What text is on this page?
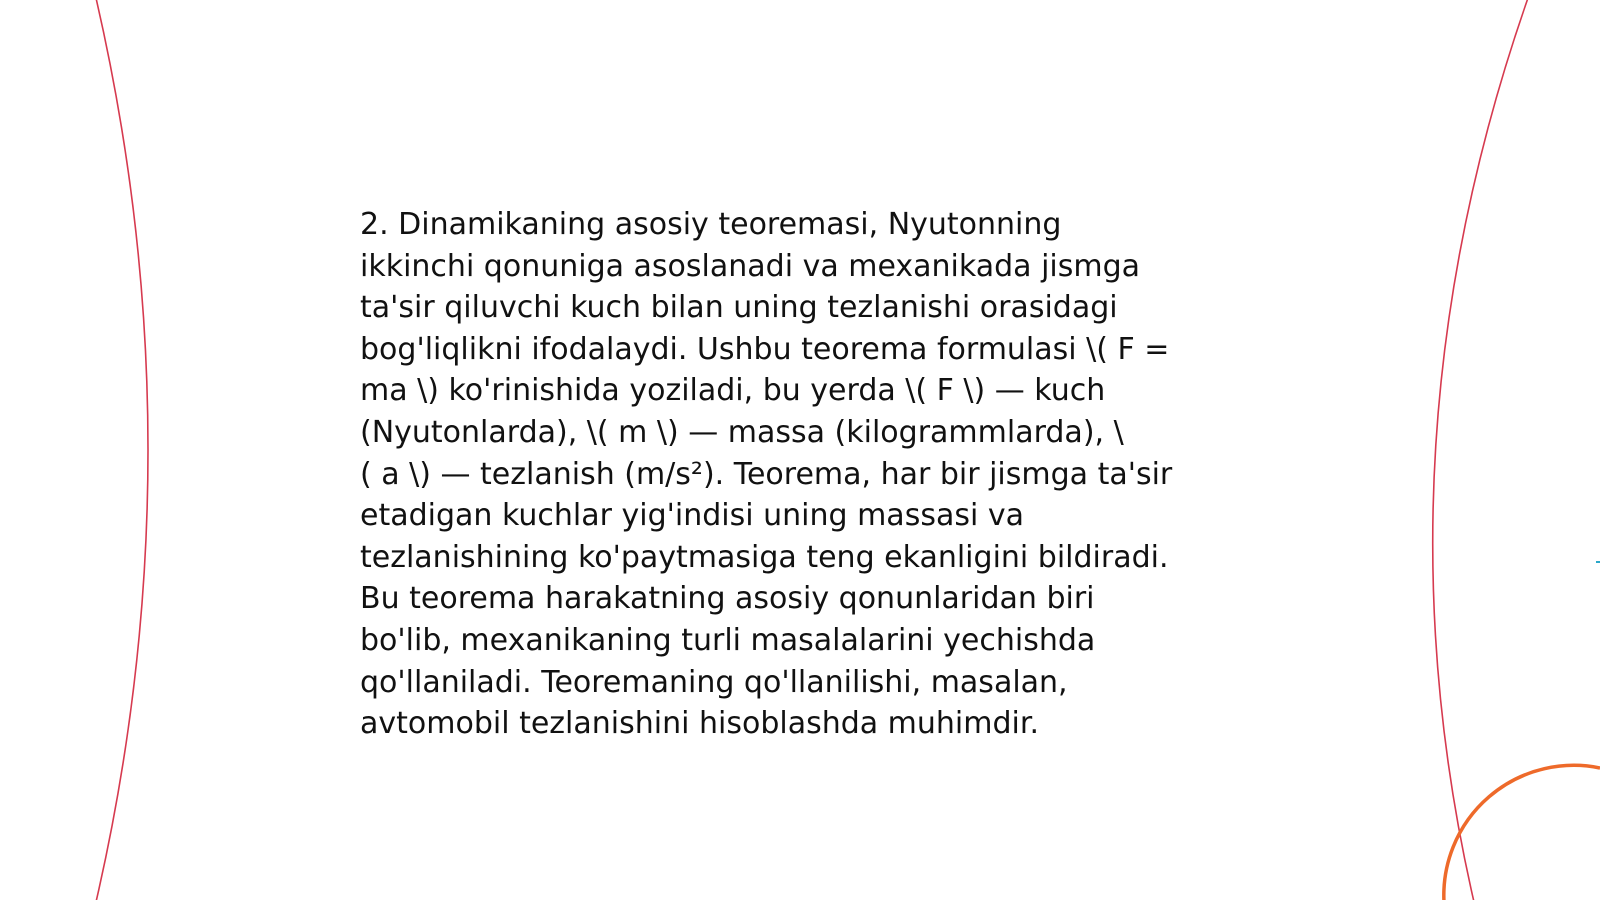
2. Dinamikaning asosiy teoremasi, Nyutonning
ikkinchi qonuniga asoslanadi va mexanikada jismga
ta'sir qiluvchi kuch bilan uning tezlanishi orasidagi
bog'liqlikni ifodalaydi. Ushbu teorema formulasi \( F =
ma \) ko'rinishida yoziladi, bu yerda \( F \) — kuch
(Nyutonlarda), \( m \) — massa (kilogrammlarda), \
( a \) — tezlanish (m/s²). Teorema, har bir jismga ta'sir
etadigan kuchlar yig'indisi uning massasi va
tezlanishining ko'paytmasiga teng ekanligini bildiradi.
Bu teorema harakatning asosiy qonunlaridan biri
bo'lib, mexanikaning turli masalalarini yechishda
qo'llaniladi. Teoremaning qo'llanilishi, masalan,
avtomobil tezlanishini hisoblashda muhimdir.
